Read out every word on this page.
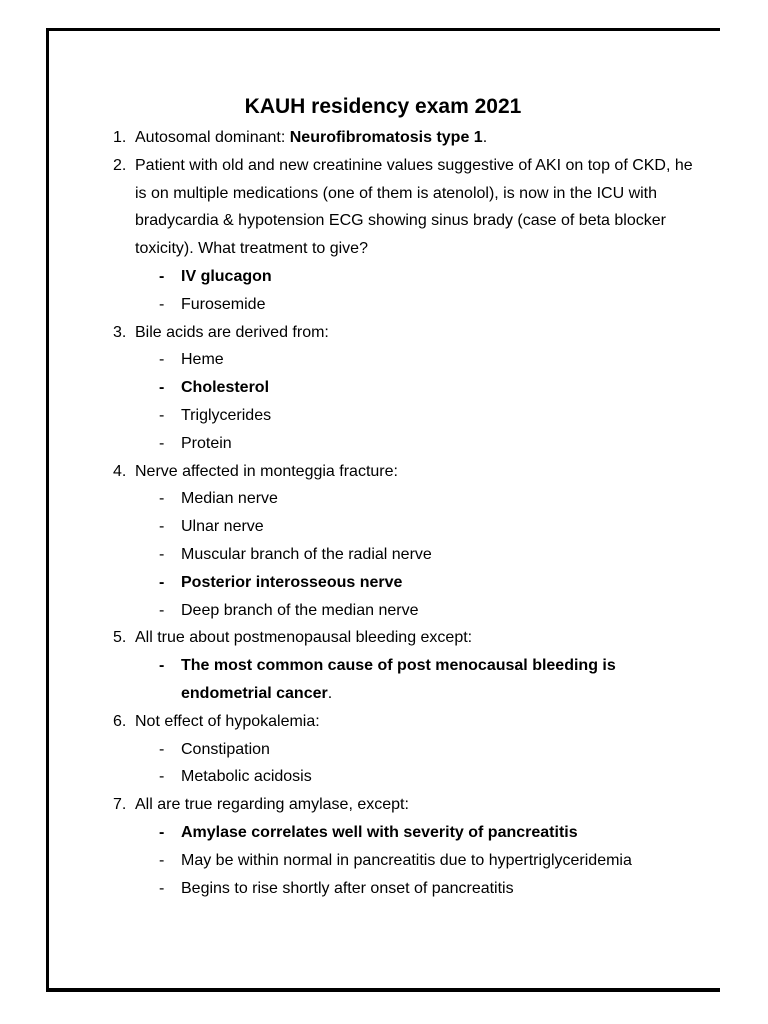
KAUH residency exam 2021
1. Autosomal dominant: Neurofibromatosis type 1.
2. Patient with old and new creatinine values suggestive of AKI on top of CKD, he is on multiple medications (one of them is atenolol), is now in the ICU with bradycardia & hypotension ECG showing sinus brady (case of beta blocker toxicity). What treatment to give?
- IV glucagon
- Furosemide
3. Bile acids are derived from:
- Heme
- Cholesterol
- Triglycerides
- Protein
4. Nerve affected in monteggia fracture:
- Median nerve
- Ulnar nerve
- Muscular branch of the radial nerve
- Posterior interosseous nerve
- Deep branch of the median nerve
5. All true about postmenopausal bleeding except:
- The most common cause of post menocausal bleeding is endometrial cancer.
6. Not effect of hypokalemia:
- Constipation
- Metabolic acidosis
7. All are true regarding amylase, except:
- Amylase correlates well with severity of pancreatitis
- May be within normal in pancreatitis due to hypertriglyceridemia
- Begins to rise shortly after onset of pancreatitis
